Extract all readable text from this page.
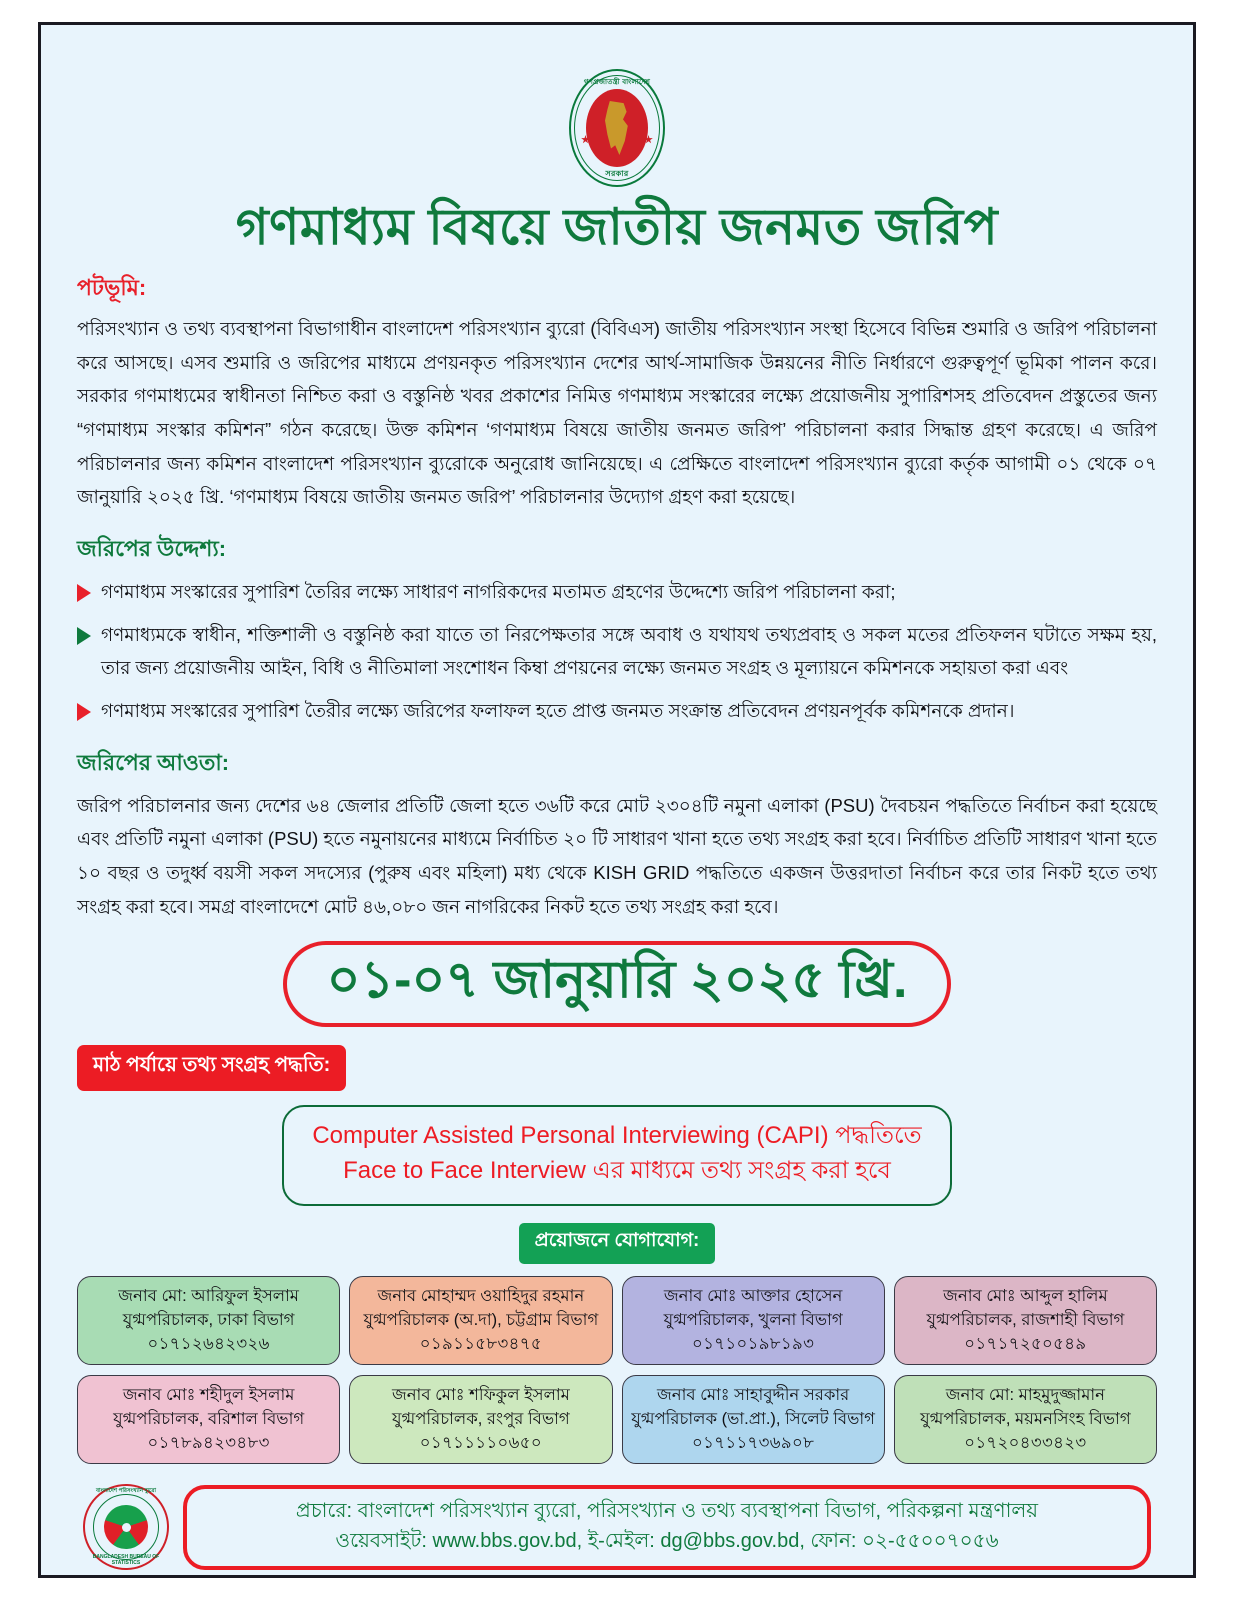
গণপ্রজাতন্ত্রী বাংলাদেশ
সরকার
গণমাধ্যম বিষয়ে জাতীয় জনমত জরিপ
পটভূমি:
পরিসংখ্যান ও তথ্য ব্যবস্থাপনা বিভাগাধীন বাংলাদেশ পরিসংখ্যান ব্যুরো (বিবিএস) জাতীয় পরিসংখ্যান সংস্থা হিসেবে বিভিন্ন শুমারি ও জরিপ পরিচালনা করে আসছে। এসব শুমারি ও জরিপের মাধ্যমে প্রণয়নকৃত পরিসংখ্যান দেশের আর্থ-সামাজিক উন্নয়নের নীতি নির্ধারণে গুরুত্বপূর্ণ ভূমিকা পালন করে। সরকার গণমাধ্যমের স্বাধীনতা নিশ্চিত করা ও বস্তুনিষ্ঠ খবর প্রকাশের নিমিত্ত গণমাধ্যম সংস্কারের লক্ষ্যে প্রয়োজনীয় সুপারিশসহ প্রতিবেদন প্রস্তুতের জন্য “গণমাধ্যম সংস্কার কমিশন” গঠন করেছে। উক্ত কমিশন ‘গণমাধ্যম বিষয়ে জাতীয় জনমত জরিপ’ পরিচালনা করার সিদ্ধান্ত গ্রহণ করেছে। এ জরিপ পরিচালনার জন্য কমিশন বাংলাদেশ পরিসংখ্যান ব্যুরোকে অনুরোধ জানিয়েছে। এ প্রেক্ষিতে বাংলাদেশ পরিসংখ্যান ব্যুরো কর্তৃক আগামী ০১ থেকে ০৭ জানুয়ারি ২০২৫ খ্রি. ‘গণমাধ্যম বিষয়ে জাতীয় জনমত জরিপ’ পরিচালনার উদ্যোগ গ্রহণ করা হয়েছে।
জরিপের উদ্দেশ্য:
গণমাধ্যম সংস্কারের সুপারিশ তৈরির লক্ষ্যে সাধারণ নাগরিকদের মতামত গ্রহণের উদ্দেশ্যে জরিপ পরিচালনা করা;
গণমাধ্যমকে স্বাধীন, শক্তিশালী ও বস্তুনিষ্ঠ করা যাতে তা নিরপেক্ষতার সঙ্গে অবাধ ও যথাযথ তথ্যপ্রবাহ ও সকল মতের প্রতিফলন ঘটাতে সক্ষম হয়, তার জন্য প্রয়োজনীয় আইন, বিধি ও নীতিমালা সংশোধন কিম্বা প্রণয়নের লক্ষ্যে জনমত সংগ্রহ ও মূল্যায়নে কমিশনকে সহায়তা করা এবং
গণমাধ্যম সংস্কারের সুপারিশ তৈরীর লক্ষ্যে জরিপের ফলাফল হতে প্রাপ্ত জনমত সংক্রান্ত প্রতিবেদন প্রণয়নপূর্বক কমিশনকে প্রদান।
জরিপের আওতা:
জরিপ পরিচালনার জন্য দেশের ৬৪ জেলার প্রতিটি জেলা হতে ৩৬টি করে মোট ২৩০৪টি নমুনা এলাকা (PSU) দৈবচয়ন পদ্ধতিতে নির্বাচন করা হয়েছে এবং প্রতিটি নমুনা এলাকা (PSU) হতে নমুনায়নের মাধ্যমে নির্বাচিত ২০ টি সাধারণ খানা হতে তথ্য সংগ্রহ করা হবে। নির্বাচিত প্রতিটি সাধারণ খানা হতে ১০ বছর ও তদুর্ধ্ব বয়সী সকল সদস্যের (পুরুষ এবং মহিলা) মধ্য থেকে KISH GRID পদ্ধতিতে একজন উত্তরদাতা নির্বাচন করে তার নিকট হতে তথ্য সংগ্রহ করা হবে। সমগ্র বাংলাদেশে মোট ৪৬,০৮০ জন নাগরিকের নিকট হতে তথ্য সংগ্রহ করা হবে।
০১-০৭ জানুয়ারি ২০২৫ খ্রি.
মাঠ পর্যায়ে তথ্য সংগ্রহ পদ্ধতি:
Computer Assisted Personal Interviewing (CAPI) পদ্ধতিতে
Face to Face Interview এর মাধ্যমে তথ্য সংগ্রহ করা হবে
প্রয়োজনে যোগাযোগ:
জনাব মো: আরিফুল ইসলাম
যুগ্মপরিচালক, ঢাকা বিভাগ
০১৭১২৬৪২৩২৬
জনাব মোহাম্মদ ওয়াহিদুর রহমান
যুগ্মপরিচালক (অ.দা), চট্টগ্রাম বিভাগ
০১৯১১৫৮৩৪৭৫
জনাব মোঃ আক্তার হোসেন
যুগ্মপরিচালক, খুলনা বিভাগ
০১৭১০১৯৮১৯৩
জনাব মোঃ আব্দুল হালিম
যুগ্মপরিচালক, রাজশাহী বিভাগ
০১৭১৭২৫০৫৪৯
জনাব মোঃ শহীদুল ইসলাম
যুগ্মপরিচালক, বরিশাল বিভাগ
০১৭৮৯৪২৩৪৮৩
জনাব মোঃ শফিকুল ইসলাম
যুগ্মপরিচালক, রংপুর বিভাগ
০১৭১১১১০৬৫০
জনাব মোঃ সাহাবুদ্দীন সরকার
যুগ্মপরিচালক (ভা.প্রা.), সিলেট বিভাগ
০১৭১১৭৩৬৯০৮
জনাব মো: মাহমুদুজ্জামান
যুগ্মপরিচালক, ময়মনসিংহ বিভাগ
০১৭২০৪৩৩৪২৩
বাংলাদেশ পরিসংখ্যান ব্যুরো
BANGLADESH BUREAU OF STATISTICS
প্রচারে: বাংলাদেশ পরিসংখ্যান ব্যুরো, পরিসংখ্যান ও তথ্য ব্যবস্থাপনা বিভাগ, পরিকল্পনা মন্ত্রণালয়
ওয়েবসাইট: www.bbs.gov.bd, ই-মেইল: dg@bbs.gov.bd, ফোন: ০২-৫৫০০৭০৫৬
